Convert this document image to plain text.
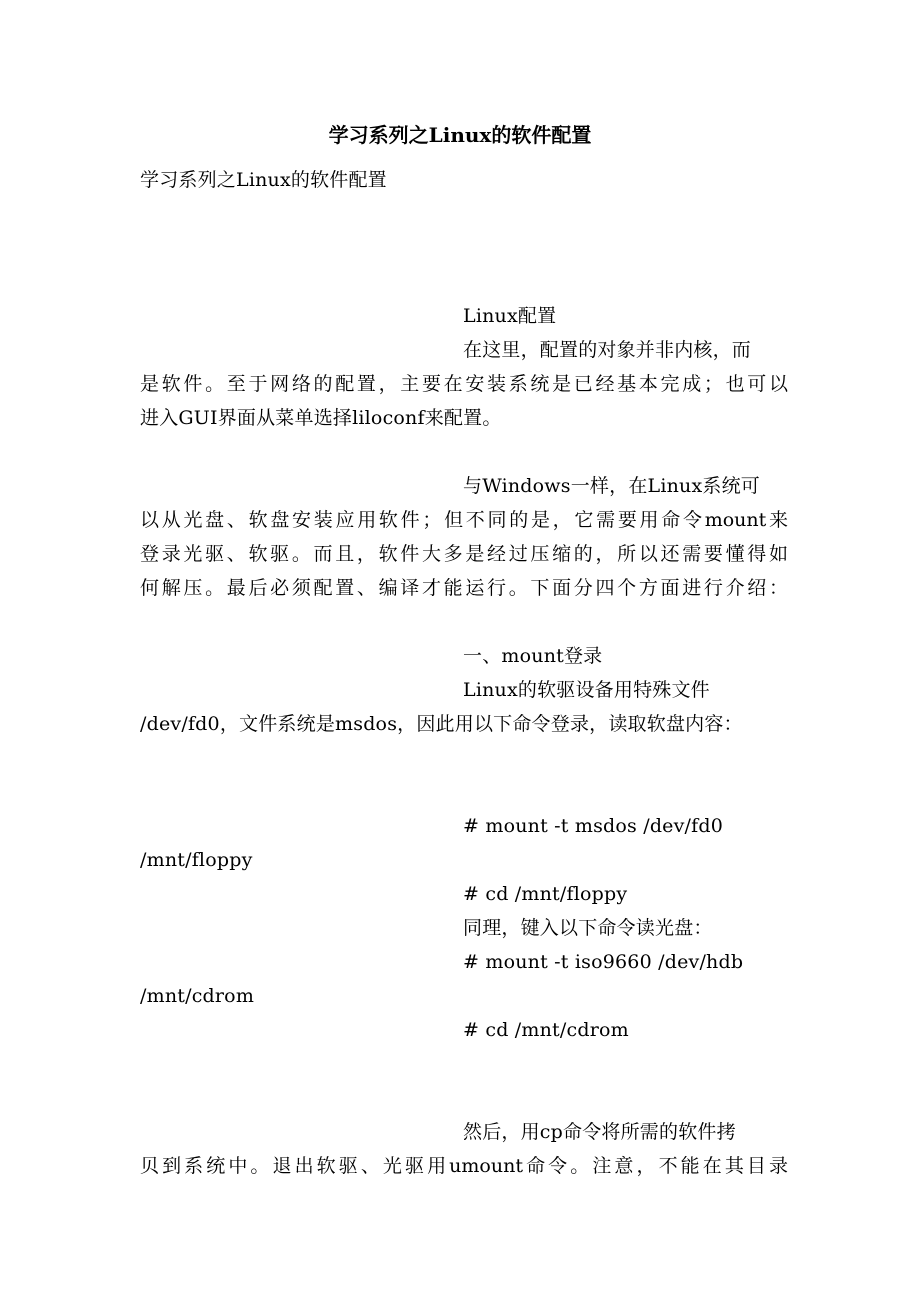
学习系列之Linux的软件配置
学习系列之Linux的软件配置
Linux配置
在这里，配置的对象并非内核，而
是软件。至于网络的配置，主要在安装系统是已经基本完成；也可以
进入GUI界面从菜单选择liloconf来配置。
与Windows一样，在Linux系统可
以从光盘、软盘安装应用软件；但不同的是，它需要用命令mount来
登录光驱、软驱。而且，软件大多是经过压缩的，所以还需要懂得如
何解压。最后必须配置、编译才能运行。下面分四个方面进行介绍：
一、mount登录
Linux的软驱设备用特殊文件
/dev/fd0，文件系统是msdos，因此用以下命令登录，读取软盘内容：
# mount -t msdos /dev/fd0
/mnt/floppy
# cd /mnt/floppy
同理，键入以下命令读光盘：
# mount -t iso9660 /dev/hdb
/mnt/cdrom
# cd /mnt/cdrom
然后，用cp命令将所需的软件拷
贝到系统中。退出软驱、光驱用umount命令。注意，不能在其目录
